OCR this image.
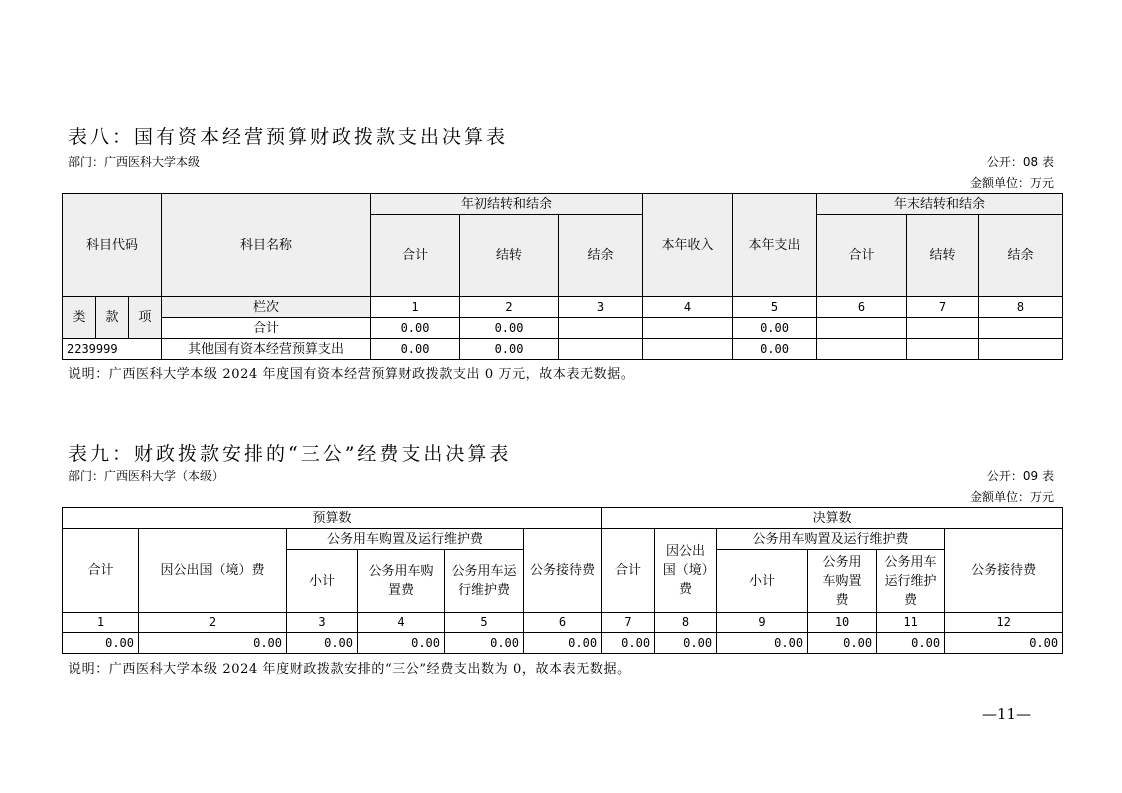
表八：国有资本经营预算财政拨款支出决算表
部门：广西医科大学本级	公开：08 表
金额单位：万元
科目代码			科目名称	年初结转和结余			本年收入	本年支出	年末结转和结余		
				合计	结转	结余			合计	结转	结余

类	款	项	栏次	1	2	3	4	5	6	7	8
			合计	0.00	0.00			0.00			
2239999			其他国有资本经营预算支出	0.00	0.00			0.00			
说明：广西医科大学本级 2024 年度国有资本经营预算财政拨款支出 0 万元，故本表无数据。
表九：财政拨款安排的“三公”经费支出决算表
部门：广西医科大学（本级）	公开：09 表
金额单位：万元
预算数						决算数					
合计	因公出国（境）费	公务用车购置及运行维护费			公务接待费	合计	因公出国（境）费	公务用车购置及运行维护费			公务接待费
		小计	公务用车购置费	公务用车运行维护费				小计	公务用车购置费	公务用车运行维护费	
1	2	3	4	5	6	7	8	9	10	11	12
0.00	0.00	0.00	0.00	0.00	0.00	0.00	0.00	0.00	0.00	0.00	0.00
说明：广西医科大学本级 2024 年度财政拨款安排的“三公”经费支出数为 0，故本表无数据。
—11—
